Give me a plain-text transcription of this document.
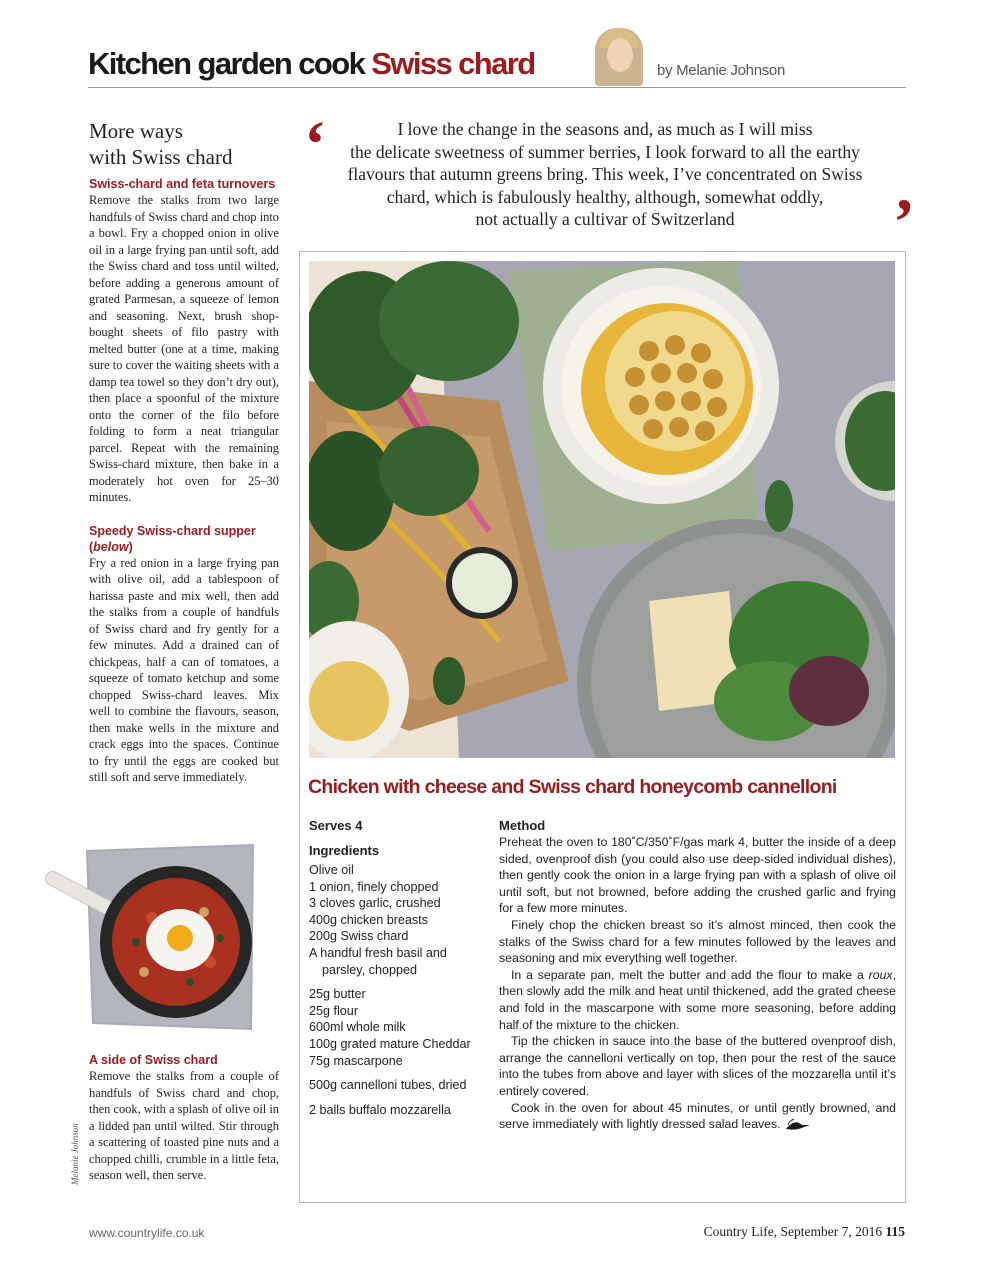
Kitchen garden cook Swiss chard	by Melanie Johnson
More ways
with Swiss chard
Swiss-chard and feta turnovers

Remove the stalks from two large handfuls of Swiss chard and chop into a bowl. Fry a chopped onion in olive oil in a large frying pan until soft, add the Swiss chard and toss until wilted, before adding a generous amount of grated Parmesan, a squeeze of lemon and seasoning. Next, brush shop-bought sheets of filo pastry with melted butter (one at a time, making sure to cover the waiting sheets with a damp tea towel so they don’t dry out), then place a spoonful of the mixture onto the corner of the filo before folding to form a neat triangular parcel. Repeat with the remaining Swiss-chard mixture, then bake in a moderately hot oven for 25–30 minutes.

Speedy Swiss-chard supper (below)

Fry a red onion in a large frying pan with olive oil, add a tablespoon of harissa paste and mix well, then add the stalks from a couple of handfuls of Swiss chard and fry gently for a few minutes. Add a drained can of chickpeas, half a can of tomatoes, a squeeze of tomato ketchup and some chopped Swiss-chard leaves. Mix well to combine the flavours, season, then make wells in the mixture and crack eggs into the spaces. Continue to fry until the eggs are cooked but still soft and serve immediately.

A side of Swiss chard

Remove the stalks from a couple of handfuls of Swiss chard and chop, then cook, with a splash of olive oil in a lidded pan until wilted. Stir through a scattering of toasted pine nuts and a chopped chilli, crumble in a little feta, season well, then serve.

Melanie Johnson
‘	I love the change in the seasons and, as much as I will miss
the delicate sweetness of summer berries, I look forward to all the earthy
flavours that autumn greens bring. This week, I’ve concentrated on Swiss
chard, which is fabulously healthy, although, somewhat oddly,
not actually a cultivar of Switzerland	’
Chicken with cheese and Swiss chard honeycomb cannelloni
Serves 4
Ingredients
Olive oil
1 onion, finely chopped
3 cloves garlic, crushed
400g chicken breasts
200g Swiss chard
A handful fresh basil and parsley, chopped
25g butter
25g flour
600ml whole milk
100g grated mature Cheddar
75g mascarpone
500g cannelloni tubes, dried
2 balls buffalo mozzarella
Method

Preheat the oven to 180˚C/350˚F/gas mark 4, butter the inside of a deep sided, ovenproof dish (you could also use deep-sided individual dishes), then gently cook the onion in a large frying pan with a splash of olive oil until soft, but not browned, before adding the crushed garlic and frying for a few more minutes.

Finely chop the chicken breast so it’s almost minced, then cook the stalks of the Swiss chard for a few minutes followed by the leaves and seasoning and mix everything well together.

In a separate pan, melt the butter and add the flour to make a roux, then slowly add the milk and heat until thickened, add the grated cheese and fold in the mascarpone with some more seasoning, before adding half of the mixture to the chicken.

Tip the chicken in sauce into the base of the buttered ovenproof dish, arrange the cannelloni vertically on top, then pour the rest of the sauce into the tubes from above and layer with slices of the mozzarella until it’s entirely covered.

Cook in the oven for about 45 minutes, or until gently browned, and serve immediately with lightly dressed salad leaves.

www.countrylife.co.uk	Country Life, September 7, 2016 115
